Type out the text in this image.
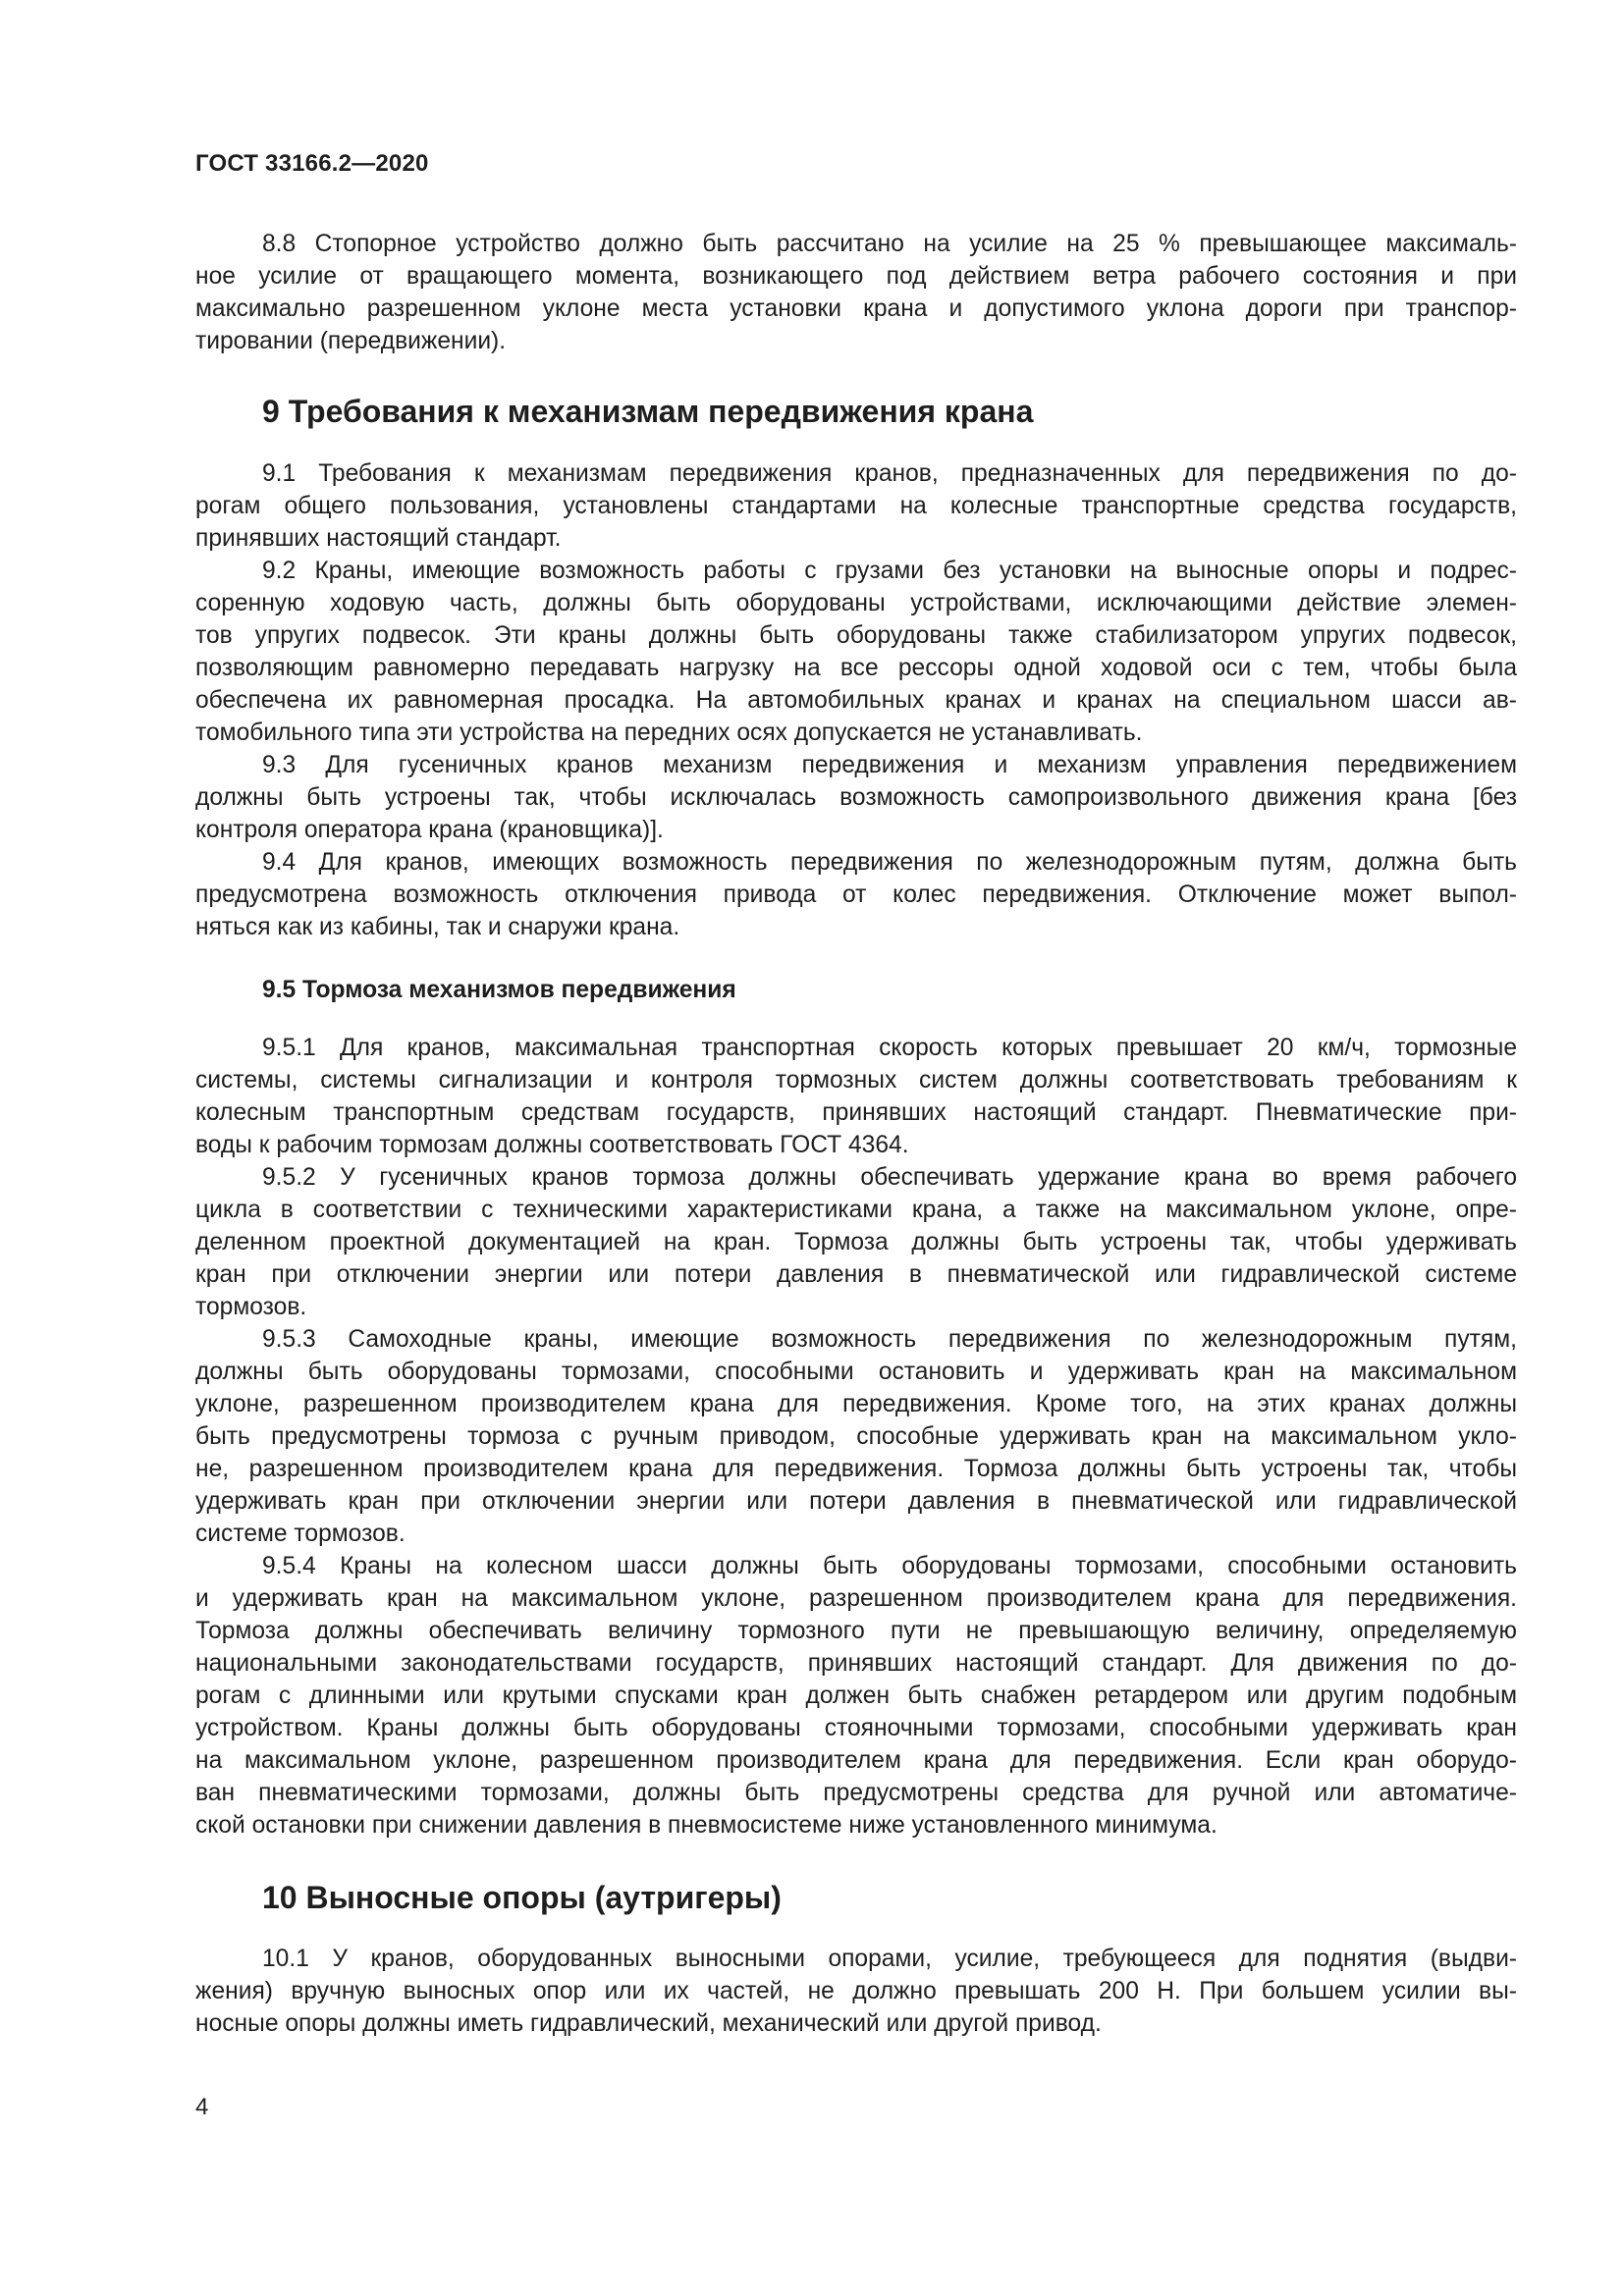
ГОСТ 33166.2—2020
8.8 Стопорное устройство должно быть рассчитано на усилие на 25 % превышающее максималь-
ное усилие от вращающего момента, возникающего под действием ветра рабочего состояния и при
максимально разрешенном уклоне места установки крана и допустимого уклона дороги при транспор-
тировании (передвижении).
9 Требования к механизмам передвижения крана
9.1 Требования к механизмам передвижения кранов, предназначенных для передвижения по до-
рогам общего пользования, установлены стандартами на колесные транспортные средства государств,
принявших настоящий стандарт.
9.2 Краны, имеющие возможность работы с грузами без установки на выносные опоры и подрес-
соренную ходовую часть, должны быть оборудованы устройствами, исключающими действие элемен-
тов упругих подвесок. Эти краны должны быть оборудованы также стабилизатором упругих подвесок,
позволяющим равномерно передавать нагрузку на все рессоры одной ходовой оси с тем, чтобы была
обеспечена их равномерная просадка. На автомобильных кранах и кранах на специальном шасси ав-
томобильного типа эти устройства на передних осях допускается не устанавливать.
9.3 Для гусеничных кранов механизм передвижения и механизм управления передвижением
должны быть устроены так, чтобы исключалась возможность самопроизвольного движения крана [без
контроля оператора крана (крановщика)].
9.4 Для кранов, имеющих возможность передвижения по железнодорожным путям, должна быть
предусмотрена возможность отключения привода от колес передвижения. Отключение может выпол-
няться как из кабины, так и снаружи крана.
9.5 Тормоза механизмов передвижения
9.5.1 Для кранов, максимальная транспортная скорость которых превышает 20 км/ч, тормозные
системы, системы сигнализации и контроля тормозных систем должны соответствовать требованиям к
колесным транспортным средствам государств, принявших настоящий стандарт. Пневматические при-
воды к рабочим тормозам должны соответствовать ГОСТ 4364.
9.5.2 У гусеничных кранов тормоза должны обеспечивать удержание крана во время рабочего
цикла в соответствии с техническими характеристиками крана, а также на максимальном уклоне, опре-
деленном проектной документацией на кран. Тормоза должны быть устроены так, чтобы удерживать
кран при отключении энергии или потери давления в пневматической или гидравлической системе
тормозов.
9.5.3 Самоходные краны, имеющие возможность передвижения по железнодорожным путям,
должны быть оборудованы тормозами, способными остановить и удерживать кран на максимальном
уклоне, разрешенном производителем крана для передвижения. Кроме того, на этих кранах должны
быть предусмотрены тормоза с ручным приводом, способные удерживать кран на максимальном укло-
не, разрешенном производителем крана для передвижения. Тормоза должны быть устроены так, чтобы
удерживать кран при отключении энергии или потери давления в пневматической или гидравлической
системе тормозов.
9.5.4 Краны на колесном шасси должны быть оборудованы тормозами, способными остановить
и удерживать кран на максимальном уклоне, разрешенном производителем крана для передвижения.
Тормоза должны обеспечивать величину тормозного пути не превышающую величину, определяемую
национальными законодательствами государств, принявших настоящий стандарт. Для движения по до-
рогам с длинными или крутыми спусками кран должен быть снабжен ретардером или другим подобным
устройством. Краны должны быть оборудованы стояночными тормозами, способными удерживать кран
на максимальном уклоне, разрешенном производителем крана для передвижения. Если кран оборудо-
ван пневматическими тормозами, должны быть предусмотрены средства для ручной или автоматиче-
ской остановки при снижении давления в пневмосистеме ниже установленного минимума.
10 Выносные опоры (аутригеры)
10.1 У кранов, оборудованных выносными опорами, усилие, требующееся для поднятия (выдви-
жения) вручную выносных опор или их частей, не должно превышать 200 Н. При большем усилии вы-
носные опоры должны иметь гидравлический, механический или другой привод.
4
